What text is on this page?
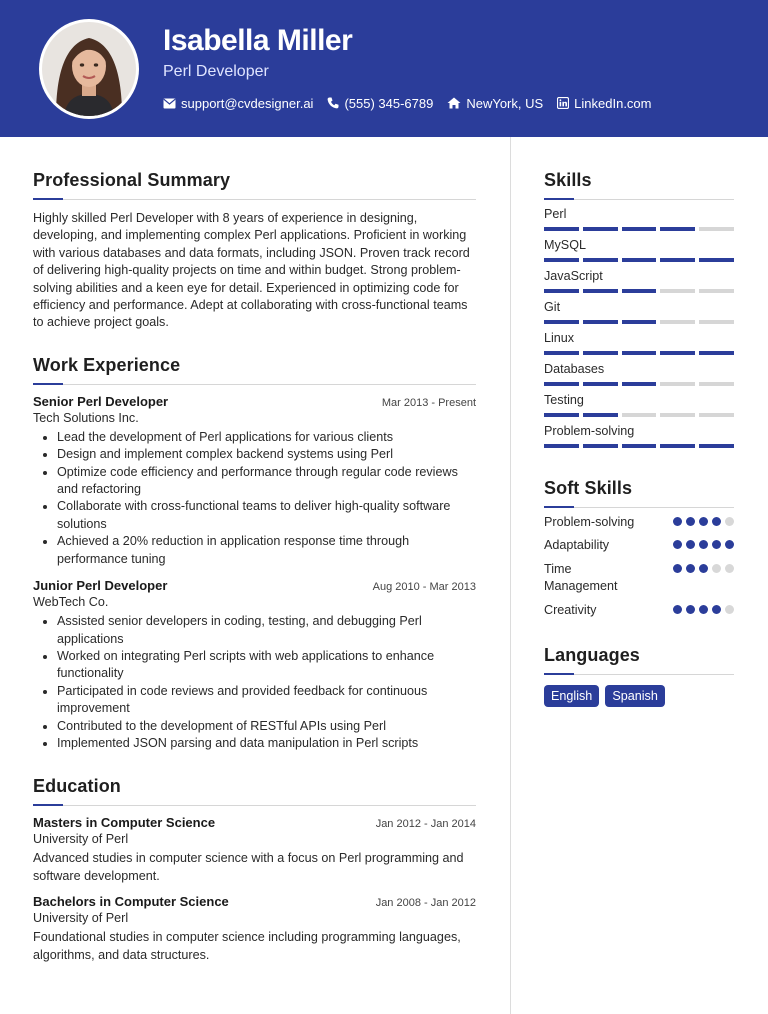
Isabella Miller
Perl Developer
support@cvdesigner.ai (555) 345-6789	NewYork, US LinkedIn.com
Professional Summary

Highly skilled Perl Developer with 8 years of experience in designing, developing, and implementing complex Perl applications. Proficient in working with various databases and data formats, including JSON. Proven track record of delivering high-quality projects on time and within budget. Strong problem-solving abilities and a keen eye for detail. Experienced in optimizing code for efficiency and performance. Adept at collaborating with cross-functional teams to achieve project goals.

Work Experience
Senior Perl Developer	Mar 2013 - Present
Tech Solutions Inc.
• Lead the development of Perl applications for various clients
• Design and implement complex backend systems using Perl
• Optimize code efficiency and performance through regular code reviews and refactoring
• Collaborate with cross-functional teams to deliver high-quality software solutions
• Achieved a 20% reduction in application response time through performance tuning
Junior Perl Developer	Aug 2010 - Mar 2013
WebTech Co.
• Assisted senior developers in coding, testing, and debugging Perl applications
• Worked on integrating Perl scripts with web applications to enhance functionality
• Participated in code reviews and provided feedback for continuous improvement
• Contributed to the development of RESTful APIs using Perl
• Implemented JSON parsing and data manipulation in Perl scripts
Education
Masters in Computer Science	Jan 2012 - Jan 2014
University of Perl

Advanced studies in computer science with a focus on Perl programming and software development.

Bachelors in Computer Science	Jan 2008 - Jan 2012
University of Perl

Foundational studies in computer science including programming languages, algorithms, and data structures.

Skills
Perl
MySQL
JavaScript
Git
Linux
Databases
Testing
Problem-solving
Soft Skills
Problem-solving
Adaptability
Time Management
Creativity
Languages
English	Spanish
